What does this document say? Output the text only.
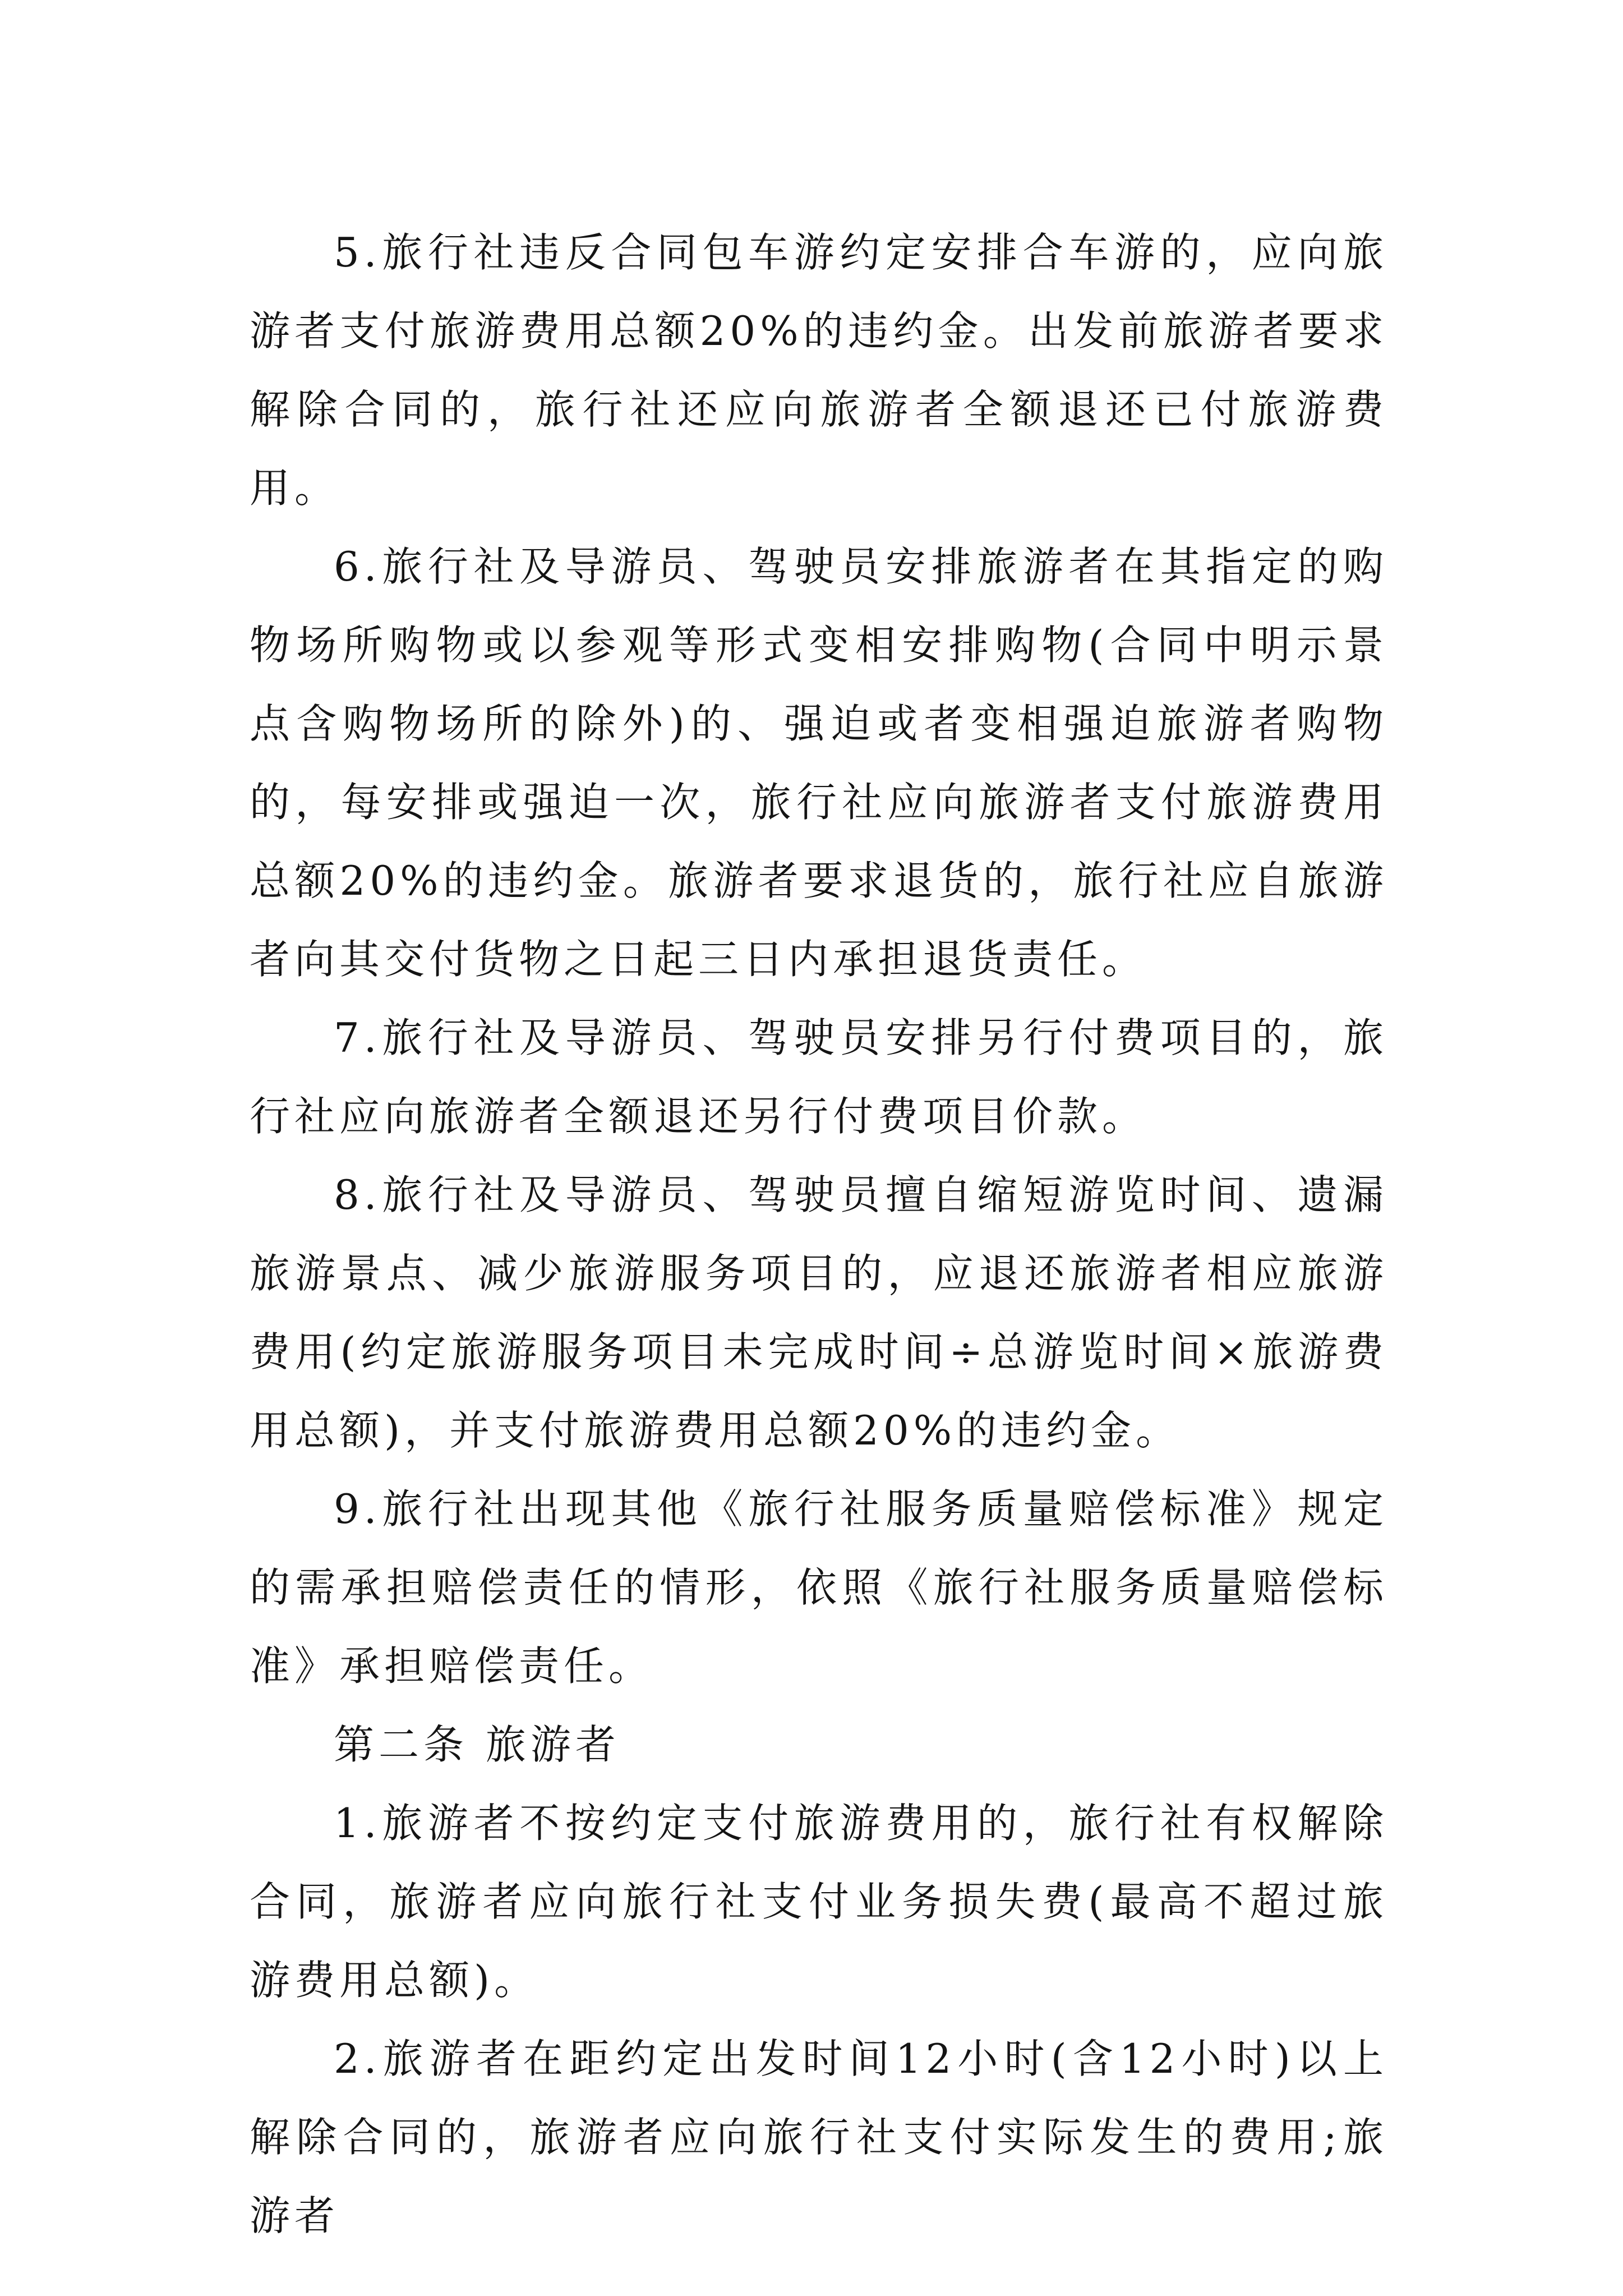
5.旅行社违反合同包车游约定安排合车游的，应向旅游者支付旅游费用总额20%的违约金。出发前旅游者要求解除合同的，旅行社还应向旅游者全额退还已付旅游费用。

6.旅行社及导游员、驾驶员安排旅游者在其指定的购物场所购物或以参观等形式变相安排购物(合同中明示景点含购物场所的除外)的、强迫或者变相强迫旅游者购物的，每安排或强迫一次，旅行社应向旅游者支付旅游费用总额20%的违约金。旅游者要求退货的，旅行社应自旅游者向其交付货物之日起三日内承担退货责任。

7.旅行社及导游员、驾驶员安排另行付费项目的，旅行社应向旅游者全额退还另行付费项目价款。

8.旅行社及导游员、驾驶员擅自缩短游览时间、遗漏旅游景点、减少旅游服务项目的，应退还旅游者相应旅游费用(约定旅游服务项目未完成时间÷总游览时间×旅游费用总额)，并支付旅游费用总额20%的违约金。

9.旅行社出现其他《旅行社服务质量赔偿标准》规定的需承担赔偿责任的情形，依照《旅行社服务质量赔偿标准》承担赔偿责任。

第二条 旅游者

1.旅游者不按约定支付旅游费用的，旅行社有权解除合同，旅游者应向旅行社支付业务损失费(最高不超过旅游费用总额)。

2.旅游者在距约定出发时间12小时(含12小时)以上解除合同的，旅游者应向旅行社支付实际发生的费用;旅游者
